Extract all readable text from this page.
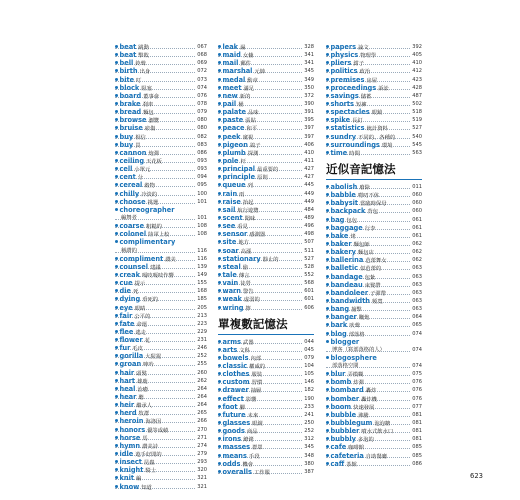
beat 跳動	067
beat 擊敗	068
bell 鈴聲	069
birth 出身	072
bite 叮	073
block 阻塞	074
board 董事會	076
brake 刹車	078
bread 麵包	079
browse 瀏覽	080
bruise 瘀傷	080
buy 相信	082
buy 買	083
cannon 炮彈	086
ceiling 天花板	093
cell 小單元	093
cent 分	094
cereal 穀物	095
chilly 冷淡的	100
choose 挑選	101
choreographer
編舞者	101
coarse 粗糙的	108
colonel 陸軍上校	108
complimentary
稱讚的	116
compliment 讚美	116
counsel 建議	139
creak 嘎吱嘎吱作響	149
cue 提示	155
die 死	168
dying 垂死的	185
eye 眼睛	205
fair 公平的	213
fate 命運	223
flee 逃走	229
flower 花	231
fur 毛皮	246
gorilla 大猩猩	252
groan 呻吟	255
hair 頭髮	260
hart 雄鹿	262
heal 治癒	264
hear 聽	264
heir 繼承人	264
herd 牧群	265
heroin 海洛因	266
honors 優等成績	270
horse 馬	271
hymn 讚美詩	274
idle 遊手好閒的	279
insect 昆蟲	293
knight 騎士	320
knit 編	321
know 知道	321
leak 漏	328
maid 女傭	341
mail 郵件	341
marshal 元帥	345
medal 勳章	349
meet 滿足	350
new 新的	372
pail 桶	390
palate 品味	391
paste 張貼	395
peace 和平	397
peek 窺視	397
pigeon 鴿子	406
plumb 探測	410
pole 杆	411
principal 最重要的	427
principle 原則	427
queue 列	445
rain 雨	449
raise 抬起	449
sail 航行遊覽	484
scent 聞味	489
see 看見	496
sensor 感測器	498
site 地方	507
soar 高漲	511
stationary 靜止的	527
steal 偷	528
tale 傳言	552
vain 徒勞	568
warn 警告	601
weak 虛弱的	601
wring 擰	606
單複數記憶法
arms 武器	044
arts 文科	045
bowels 內部	079
classic 權威的	104
clothes 服裝	105
custom 習慣	146
drawer 抽屜	182
effect 影響	190
foot 腳	233
future 未來	241
glasses 眼鏡	250
goods 商品	252
irons 鐐銬	312
masses 群眾	345
means 手段	348
odds 機會	380
overalls 工作服	387
papers 論文	392
physics 物理學	405
pliers 鉗子	410
politics 政治	412
premises 房屋	423
proceedings 訴訟	428
savings 儲蓄	487
shorts 短褲	502
spectacles 眼鏡	518
spike 長釘	519
statistics 統計資料	527
sundry 不同的、各種的	540
surroundings 環境	545
time 時間	563
近似音記憶法
abolish 廢除	011
babble 嘮叨不休	060
babysit 當臨時保母	060
backpack 背包	060
bag 包包	061
baggage 行李	061
bake 烤	061
baker 麵包師	062
bakery 麵包店	062
ballerina 芭蕾舞女	062
balletic 似芭蕾的	063
bandage 包紮	063
bandeau 束髮帶	063
bandoleer 子彈帶	063
bandwidth 頻寬	063
bang 撞擊	063
banger 鞭炮	064
bark 吠聲	065
blog 部落格	074
blogger
博客（寫部落格的人）	074
blogosphere
部落格空間	074
blur 弄模糊	075
bomb 炸彈	076
bombard 轟炸	076
bomber 轟炸機	076
boom 快速發展	077
bubble 沸騰	081
bubblegum 泡泡糖	081
bubbler 噴水式飲水口	081
bubbly 多泡的	081
cafe 咖啡館	085
cafeteria 自助餐廳	085
caff 茶館	086
623
